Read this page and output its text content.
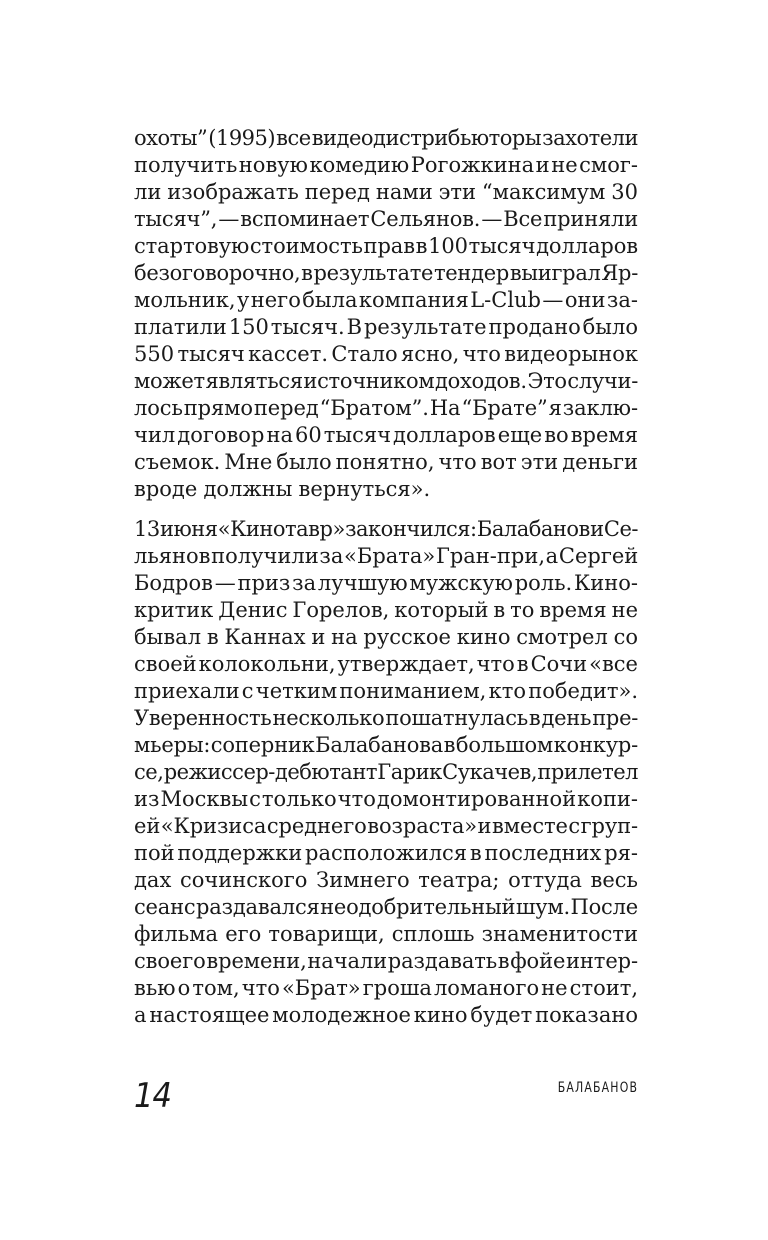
охоты” (1995) все видеодистрибьюторы захотели
получить новую комедию Рогожкина и не смог-
ли изображать перед нами эти “максимум 30
тысяч”, — вспоминает Сельянов. — Все приняли
стартовую стоимость прав в 100 тысяч долларов
безоговорочно, в результате тендер выиграл Яр-
мольник, у него была компания L-Club — они за-
платили 150 тысяч. В результате продано было
550 тысяч кассет. Стало ясно, что видеорынок
может являться источником доходов. Это случи-
лось прямо перед “Братом”. На “Брате” я заклю-
чил договор на 60 тысяч долларов еще во время
съемок. Мне было понятно, что вот эти деньги
вроде должны вернуться».
13 июня «Кинотавр» закончился: Балабанов и Се-
льянов получили за «Брата» Гран-при, а Сергей
Бодров — приз за лучшую мужскую роль. Кино-
критик Денис Горелов, который в то время не
бывал в Каннах и на русское кино смотрел со
своей колокольни, утверждает, что в Сочи «все
приехали с четким пониманием, кто победит».
Уверенность несколько пошатнулась в день пре-
мьеры: соперник Балабанова в большом конкур-
се, режиссер-дебютант Гарик Сукачев, прилетел
из Москвы с только что домонтированной копи-
ей «Кризиса среднего возраста» и вместе с груп-
пой поддержки расположился в последних ря-
дах сочинского Зимнего театра; оттуда весь
сеанс раздавался неодобрительный шум. После
фильма его товарищи, сплошь знаменитости
своего времени, начали раздавать в фойе интер-
вью о том, что «Брат» гроша ломаного не стоит,
а настоящее молодежное кино будет показано
14	БАЛАБАНОВ
